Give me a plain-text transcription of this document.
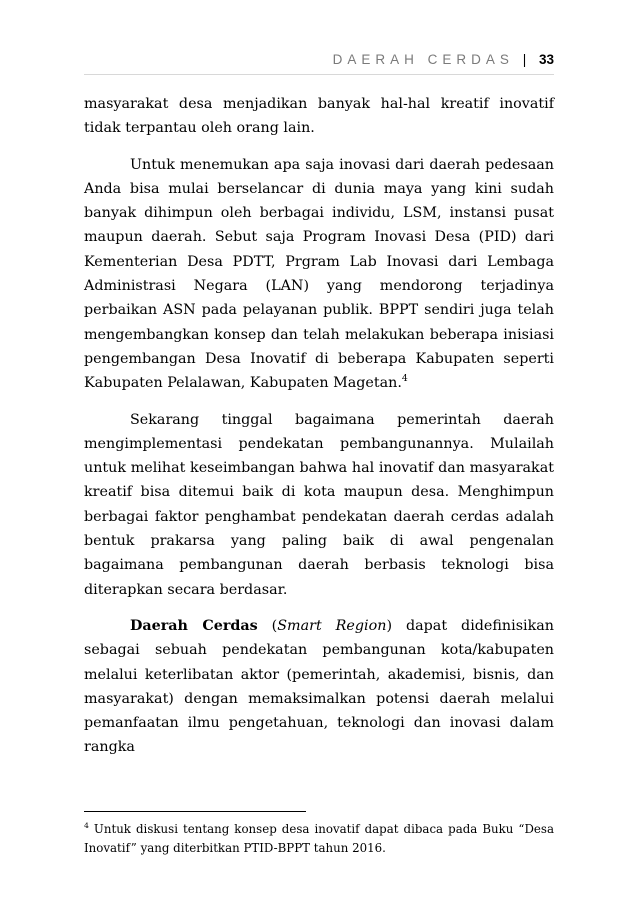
DAERAH CERDAS | 33

masyarakat desa menjadikan banyak hal-hal kreatif inovatif tidak terpantau oleh orang lain.

Untuk menemukan apa saja inovasi dari daerah pedesaan Anda bisa mulai berselancar di dunia maya yang kini sudah banyak dihimpun oleh berbagai individu, LSM, instansi pusat maupun daerah. Sebut saja Program Inovasi Desa (PID) dari Kementerian Desa PDTT, Prgram Lab Inovasi dari Lembaga Administrasi Negara (LAN) yang mendorong terjadinya perbaikan ASN pada pelayanan publik. BPPT sendiri juga telah mengembangkan konsep dan telah melakukan beberapa inisiasi pengembangan Desa Inovatif di beberapa Kabupaten seperti Kabupaten Pelalawan, Kabupaten Magetan.$^4$

Sekarang tinggal bagaimana pemerintah daerah mengimplementasi pendekatan pembangunannya. Mulailah untuk melihat keseimbangan bahwa hal inovatif dan masyarakat kreatif bisa ditemui baik di kota maupun desa. Menghimpun berbagai faktor penghambat pendekatan daerah cerdas adalah bentuk prakarsa yang paling baik di awal pengenalan bagaimana pembangunan daerah berbasis teknologi bisa diterapkan secara berdasar.

Daerah Cerdas (Smart Region) dapat didefinisikan sebagai sebuah pendekatan pembangunan kota/kabupaten melalui keterlibatan aktor (pemerintah, akademisi, bisnis, dan masyarakat) dengan memaksimalkan potensi daerah melalui pemanfaatan ilmu pengetahuan, teknologi dan inovasi dalam rangka

$^4$ Untuk diskusi tentang konsep desa inovatif dapat dibaca pada Buku “Desa Inovatif” yang diterbitkan PTID-BPPT tahun 2016.
